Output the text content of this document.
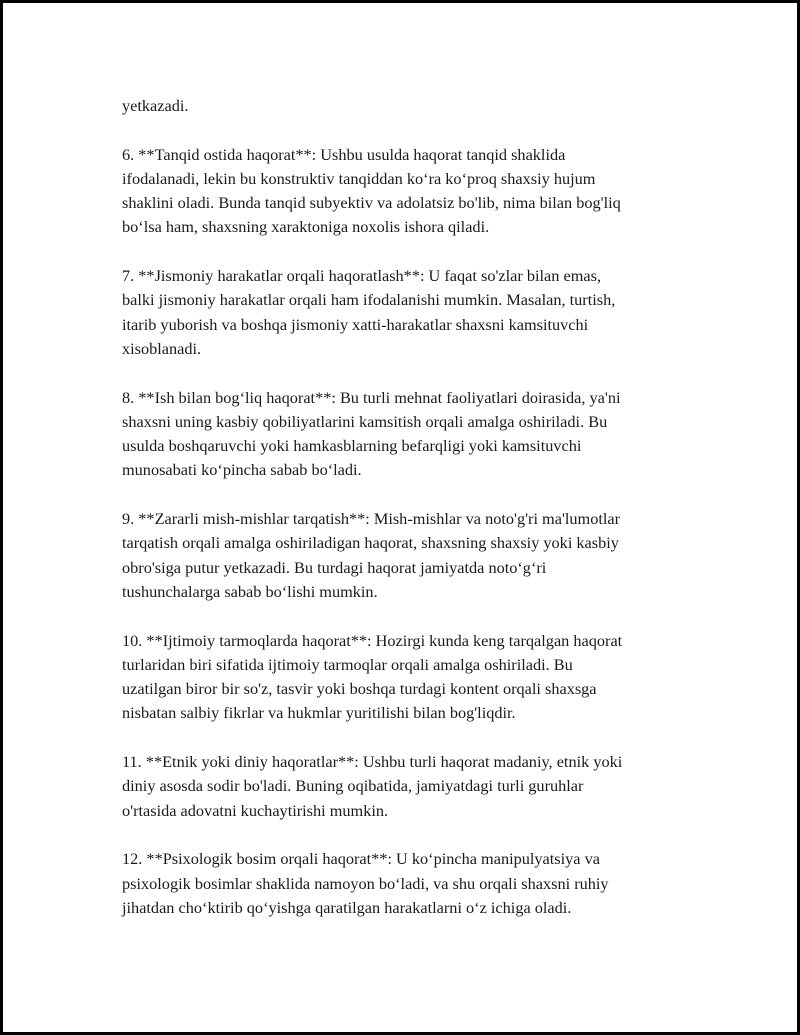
yetkazadi.
6. **Tanqid ostida haqorat**: Ushbu usulda haqorat tanqid shaklida
ifodalanadi, lekin bu konstruktiv tanqiddan ko‘ra ko‘proq shaxsiy hujum
shaklini oladi. Bunda tanqid subyektiv va adolatsiz bo'lib, nima bilan bog'liq
bo‘lsa ham, shaxsning xaraktoniga noxolis ishora qiladi.
7. **Jismoniy harakatlar orqali haqoratlash**: U faqat so'zlar bilan emas,
balki jismoniy harakatlar orqali ham ifodalanishi mumkin. Masalan, turtish,
itarib yuborish va boshqa jismoniy xatti-harakatlar shaxsni kamsituvchi
xisoblanadi.
8. **Ish bilan bog‘liq haqorat**: Bu turli mehnat faoliyatlari doirasida, ya'ni
shaxsni uning kasbiy qobiliyatlarini kamsitish orqali amalga oshiriladi. Bu
usulda boshqaruvchi yoki hamkasblarning befarqligi yoki kamsituvchi
munosabati ko‘pincha sabab bo‘ladi.
9. **Zararli mish-mishlar tarqatish**: Mish-mishlar va noto'g'ri ma'lumotlar
tarqatish orqali amalga oshiriladigan haqorat, shaxsning shaxsiy yoki kasbiy
obro'siga putur yetkazadi. Bu turdagi haqorat jamiyatda noto‘g‘ri
tushunchalarga sabab bo‘lishi mumkin.
10. **Ijtimoiy tarmoqlarda haqorat**: Hozirgi kunda keng tarqalgan haqorat
turlaridan biri sifatida ijtimoiy tarmoqlar orqali amalga oshiriladi. Bu
uzatilgan biror bir so'z, tasvir yoki boshqa turdagi kontent orqali shaxsga
nisbatan salbiy fikrlar va hukmlar yuritilishi bilan bog'liqdir.
11. **Etnik yoki diniy haqoratlar**: Ushbu turli haqorat madaniy, etnik yoki
diniy asosda sodir bo'ladi. Buning oqibatida, jamiyatdagi turli guruhlar
o'rtasida adovatni kuchaytirishi mumkin.
12. **Psixologik bosim orqali haqorat**: U ko‘pincha manipulyatsiya va
psixologik bosimlar shaklida namoyon bo‘ladi, va shu orqali shaxsni ruhiy
jihatdan cho‘ktirib qo‘yishga qaratilgan harakatlarni o‘z ichiga oladi.
